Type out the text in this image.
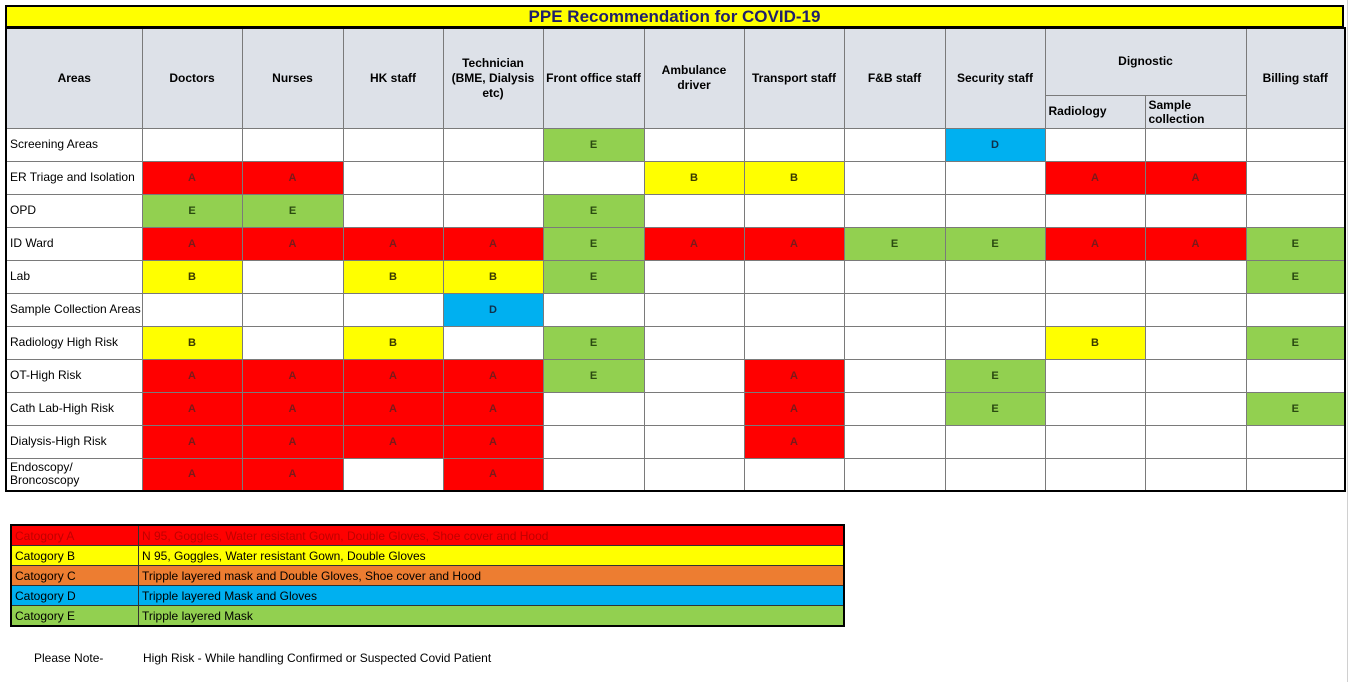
PPE Recommendation for COVID-19
Areas	Doctors	Nurses	HK staff	Technician (BME, Dialysis etc)	Front office staff	Ambulance driver	Transport staff	F&B staff	Security staff	Dignostic		Billing staff
										Radiology	Sample collection	
Screening Areas					E				D			
ER Triage and Isolation	A	A				B	B			A	A	
OPD	E	E			E							
ID Ward	A	A	A	A	E	A	A	E	E	A	A	E
Lab	B		B	B	E							E
Sample Collection Areas				D								
Radiology High Risk	B		B		E					B		E
OT-High Risk	A	A	A	A	E		A		E			
Cath Lab-High Risk	A	A	A	A			A		E			E
Dialysis-High Risk	A	A	A	A			A					
Endoscopy/ Broncoscopy	A	A		A								
Catogory A	N 95, Goggles, Water resistant Gown, Double Gloves, Shoe cover and Hood
Catogory B	N 95, Goggles, Water resistant Gown, Double Gloves
Catogory C	Tripple layered mask and Double Gloves, Shoe cover and Hood
Catogory D	Tripple layered Mask and Gloves
Catogory E	Tripple layered Mask
Please Note-	High Risk - While handling Confirmed or Suspected Covid Patient
